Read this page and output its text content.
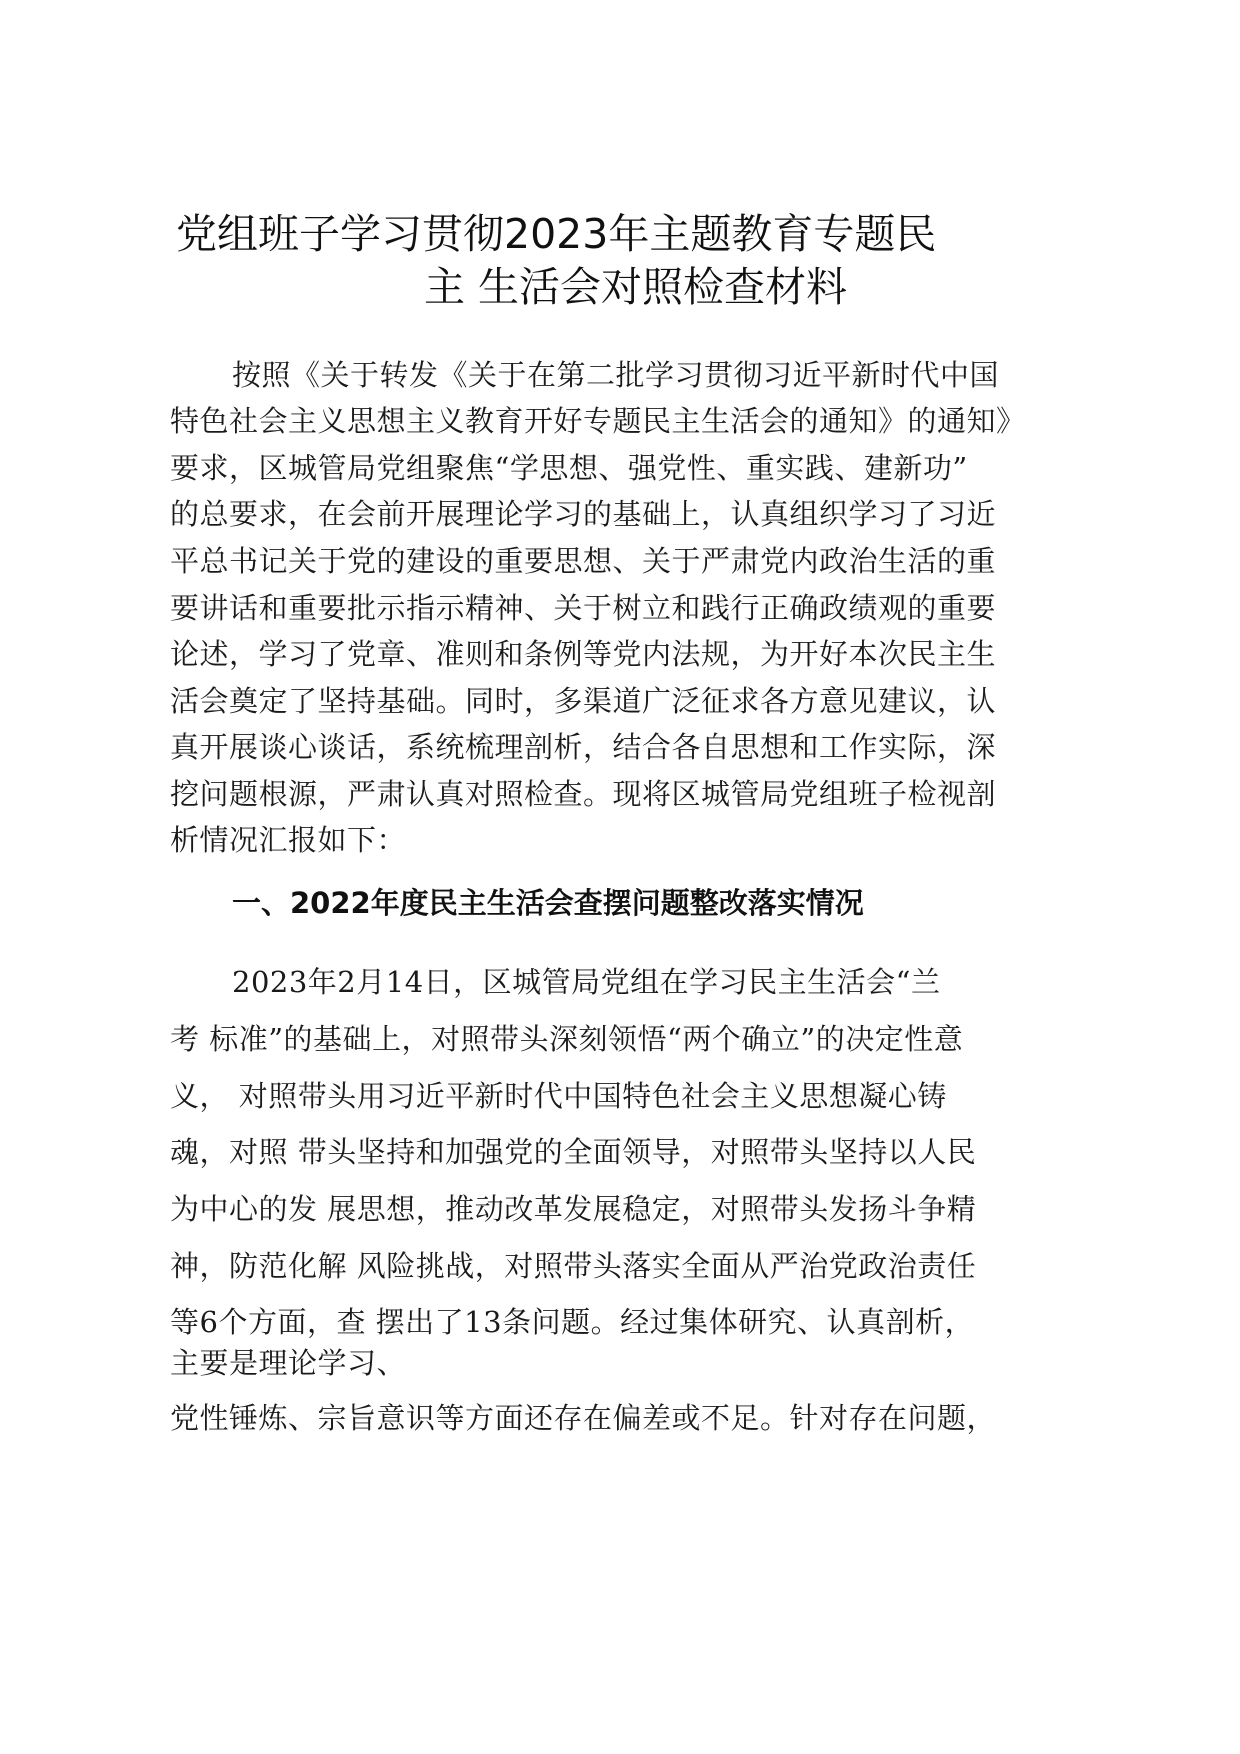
党组班子学习贯彻2023年主题教育专题民
主 生活会对照检查材料

按照《关于转发《关于在第二批学习贯彻习近平新时代中国

特色社会主义思想主义教育开好专题民主生活会的通知》的通知》

要求，区城管局党组聚焦“学思想、强党性、重实践、建新功”

的总要求，在会前开展理论学习的基础上，认真组织学习了习近

平总书记关于党的建设的重要思想、关于严肃党内政治生活的重

要讲话和重要批示指示精神、关于树立和践行正确政绩观的重要

论述，学习了党章、准则和条例等党内法规，为开好本次民主生

活会奠定了坚持基础。同时，多渠道广泛征求各方意见建议，认

真开展谈心谈话，系统梳理剖析，结合各自思想和工作实际，深

挖问题根源，严肃认真对照检查。现将区城管局党组班子检视剖

析情况汇报如下：

一、2022年度民主生活会查摆问题整改落实情况

2023年2月14日，区城管局党组在学习民主生活会“兰

考 标准”的基础上，对照带头深刻领悟“两个确立”的决定性意

义， 对照带头用习近平新时代中国特色社会主义思想凝心铸

魂，对照 带头坚持和加强党的全面领导，对照带头坚持以人民

为中心的发 展思想，推动改革发展稳定，对照带头发扬斗争精

神，防范化解 风险挑战，对照带头落实全面从严治党政治责任

等6个方面，查 摆出了13条问题。经过集体研究、认真剖析，

主要是理论学习、

党性锤炼、宗旨意识等方面还存在偏差或不足。针对存在问题，
